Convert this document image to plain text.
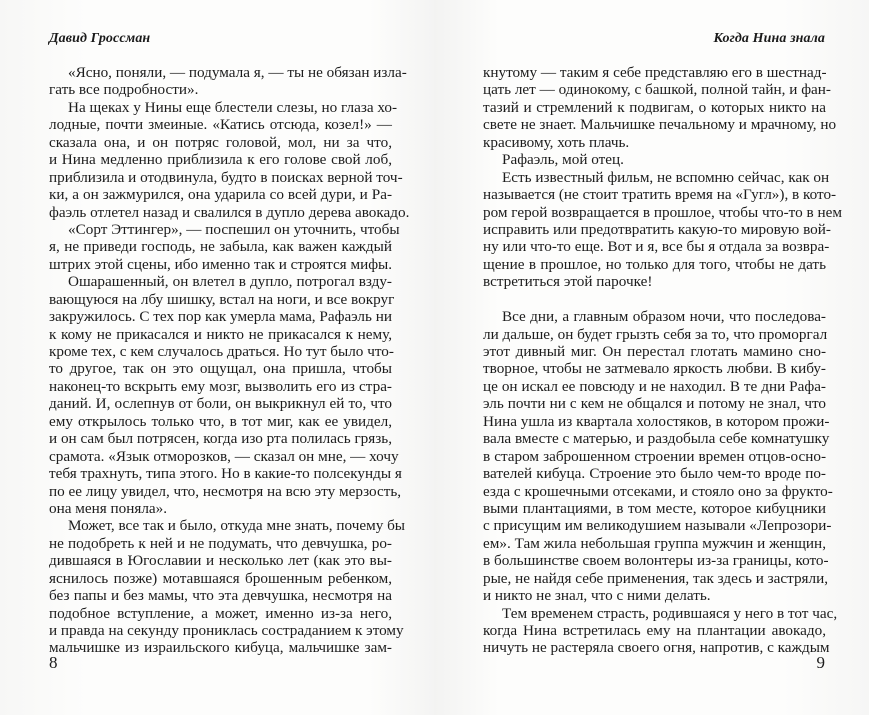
Давид Гроссман
«Ясно, поняли, — подумала я, — ты не обязан изла-
гать все подробности».
На щеках у Нины еще блестели слезы, но глаза хо-
лодные, почти змеиные. «Катись отсюда, козел!» —
сказала она, и он потряс головой, мол, ни за что,
и Нина медленно приблизила к его голове свой лоб,
приблизила и отодвинула, будто в поисках верной точ-
ки, а он зажмурился, она ударила со всей дури, и Ра-
фаэль отлетел назад и свалился в дупло дерева авокадо.
«Сорт Эттингер», — поспешил он уточнить, чтобы
я, не приведи господь, не забыла, как важен каждый
штрих этой сцены, ибо именно так и строятся мифы.
Ошарашенный, он влетел в дупло, потрогал взду-
вающуюся на лбу шишку, встал на ноги, и все вокруг
закружилось. С тех пор как умерла мама, Рафаэль ни
к кому не прикасался и никто не прикасался к нему,
кроме тех, с кем случалось драться. Но тут было что-
то другое, так он это ощущал, она пришла, чтобы
наконец-то вскрыть ему мозг, вызволить его из стра-
даний. И, ослепнув от боли, он выкрикнул ей то, что
ему открылось только что, в тот миг, как ее увидел,
и он сам был потрясен, когда изо рта полилась грязь,
срамота. «Язык отморозков, — сказал он мне, — хочу
тебя трахнуть, типа этого. Но в какие-то полсекунды я
по ее лицу увидел, что, несмотря на всю эту мерзость,
она меня поняла».
Может, все так и было, откуда мне знать, почему бы
не подобреть к ней и не подумать, что девчушка, ро-
дившаяся в Югославии и несколько лет (как это вы-
яснилось позже) мотавшаяся брошенным ребенком,
без папы и без мамы, что эта девчушка, несмотря на
подобное вступление, а может, именно из-за него,
и правда на секунду прониклась состраданием к этому
мальчишке из израильского кибуца, мальчишке зам-
8
Когда Нина знала
кнутому — таким я себе представляю его в шестнад-
цать лет — одинокому, с башкой, полной тайн, и фан-
тазий и стремлений к подвигам, о которых никто на
свете не знает. Мальчишке печальному и мрачному, но
красивому, хоть плачь.
Рафаэль, мой отец.
Есть известный фильм, не вспомню сейчас, как он
называется (не стоит тратить время на «Гугл»), в кото-
ром герой возвращается в прошлое, чтобы что-то в нем
исправить или предотвратить какую-то мировую вой-
ну или что-то еще. Вот и я, все бы я отдала за возвра-
щение в прошлое, но только для того, чтобы не дать
встретиться этой парочке!
Все дни, а главным образом ночи, что последова-
ли дальше, он будет грызть себя за то, что проморгал
этот дивный миг. Он перестал глотать мамино сно-
творное, чтобы не затмевало яркость любви. В кибу-
це он искал ее повсюду и не находил. В те дни Рафа-
эль почти ни с кем не общался и потому не знал, что
Нина ушла из квартала холостяков, в котором прожи-
вала вместе с матерью, и раздобыла себе комнатушку
в старом заброшенном строении времен отцов-осно-
вателей кибуца. Строение это было чем-то вроде по-
езда с крошечными отсеками, и стояло оно за фрукто-
выми плантациями, в том месте, которое кибуцники
с присущим им великодушием называли «Лепрозори-
ем». Там жила небольшая группа мужчин и женщин,
в большинстве своем волонтеры из-за границы, кото-
рые, не найдя себе применения, так здесь и застряли,
и никто не знал, что с ними делать.
Тем временем страсть, родившаяся у него в тот час,
когда Нина встретилась ему на плантации авокадо,
ничуть не растеряла своего огня, напротив, с каждым
9
